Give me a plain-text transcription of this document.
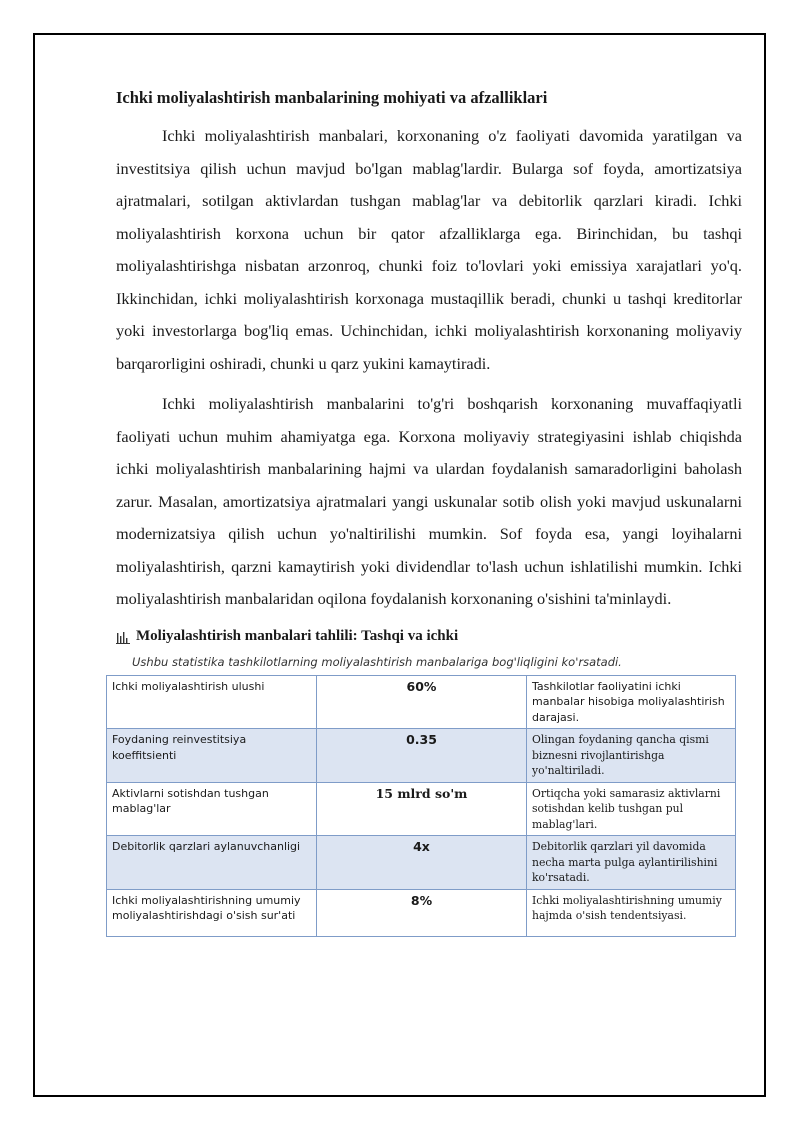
Ichki moliyalashtirish manbalarining mohiyati va afzalliklari

Ichki moliyalashtirish manbalari, korxonaning o'z faoliyati davomida yaratilgan va investitsiya qilish uchun mavjud bo'lgan mablag'lardir. Bularga sof foyda, amortizatsiya ajratmalari, sotilgan aktivlardan tushgan mablag'lar va debitorlik qarzlari kiradi. Ichki moliyalashtirish korxona uchun bir qator afzalliklarga ega. Birinchidan, bu tashqi moliyalashtirishga nisbatan arzonroq, chunki foiz to'lovlari yoki emissiya xarajatlari yo'q. Ikkinchidan, ichki moliyalashtirish korxonaga mustaqillik beradi, chunki u tashqi kreditorlar yoki investorlarga bog'liq emas. Uchinchidan, ichki moliyalashtirish korxonaning moliyaviy barqarorligini oshiradi, chunki u qarz yukini kamaytiradi.

Ichki moliyalashtirish manbalarini to'g'ri boshqarish korxonaning muvaffaqiyatli faoliyati uchun muhim ahamiyatga ega. Korxona moliyaviy strategiyasini ishlab chiqishda ichki moliyalashtirish manbalarining hajmi va ulardan foydalanish samaradorligini baholash zarur. Masalan, amortizatsiya ajratmalari yangi uskunalar sotib olish yoki mavjud uskunalarni modernizatsiya qilish uchun yo'naltirilishi mumkin. Sof foyda esa, yangi loyihalarni moliyalashtirish, qarzni kamaytirish yoki dividendlar to'lash uchun ishlatilishi mumkin. Ichki moliyalashtirish manbalaridan oqilona foydalanish korxonaning o'sishini ta'minlaydi.

Moliyalashtirish manbalari tahlili: Tashqi va ichki
Ushbu statistika tashkilotlarning moliyalashtirish manbalariga bog'liqligini ko'rsatadi.
Ichki moliyalashtirish ulushi	60%	Tashkilotlar faoliyatini ichki manbalar hisobiga moliyalashtirish darajasi.
Foydaning reinvestitsiya koeffitsienti	0.35	Olingan foydaning qancha qismi biznesni rivojlantirishga yo'naltiriladi.
Aktivlarni sotishdan tushgan mablag'lar	15 mlrd so'm	Ortiqcha yoki samarasiz aktivlarni sotishdan kelib tushgan pul mablag'lari.
Debitorlik qarzlari aylanuvchanligi	4x	Debitorlik qarzlari yil davomida necha marta pulga aylantirilishini ko'rsatadi.
Ichki moliyalashtirishning umumiy moliyalashtirishdagi o'sish sur'ati	8%	Ichki moliyalashtirishning umumiy hajmda o'sish tendentsiyasi.
